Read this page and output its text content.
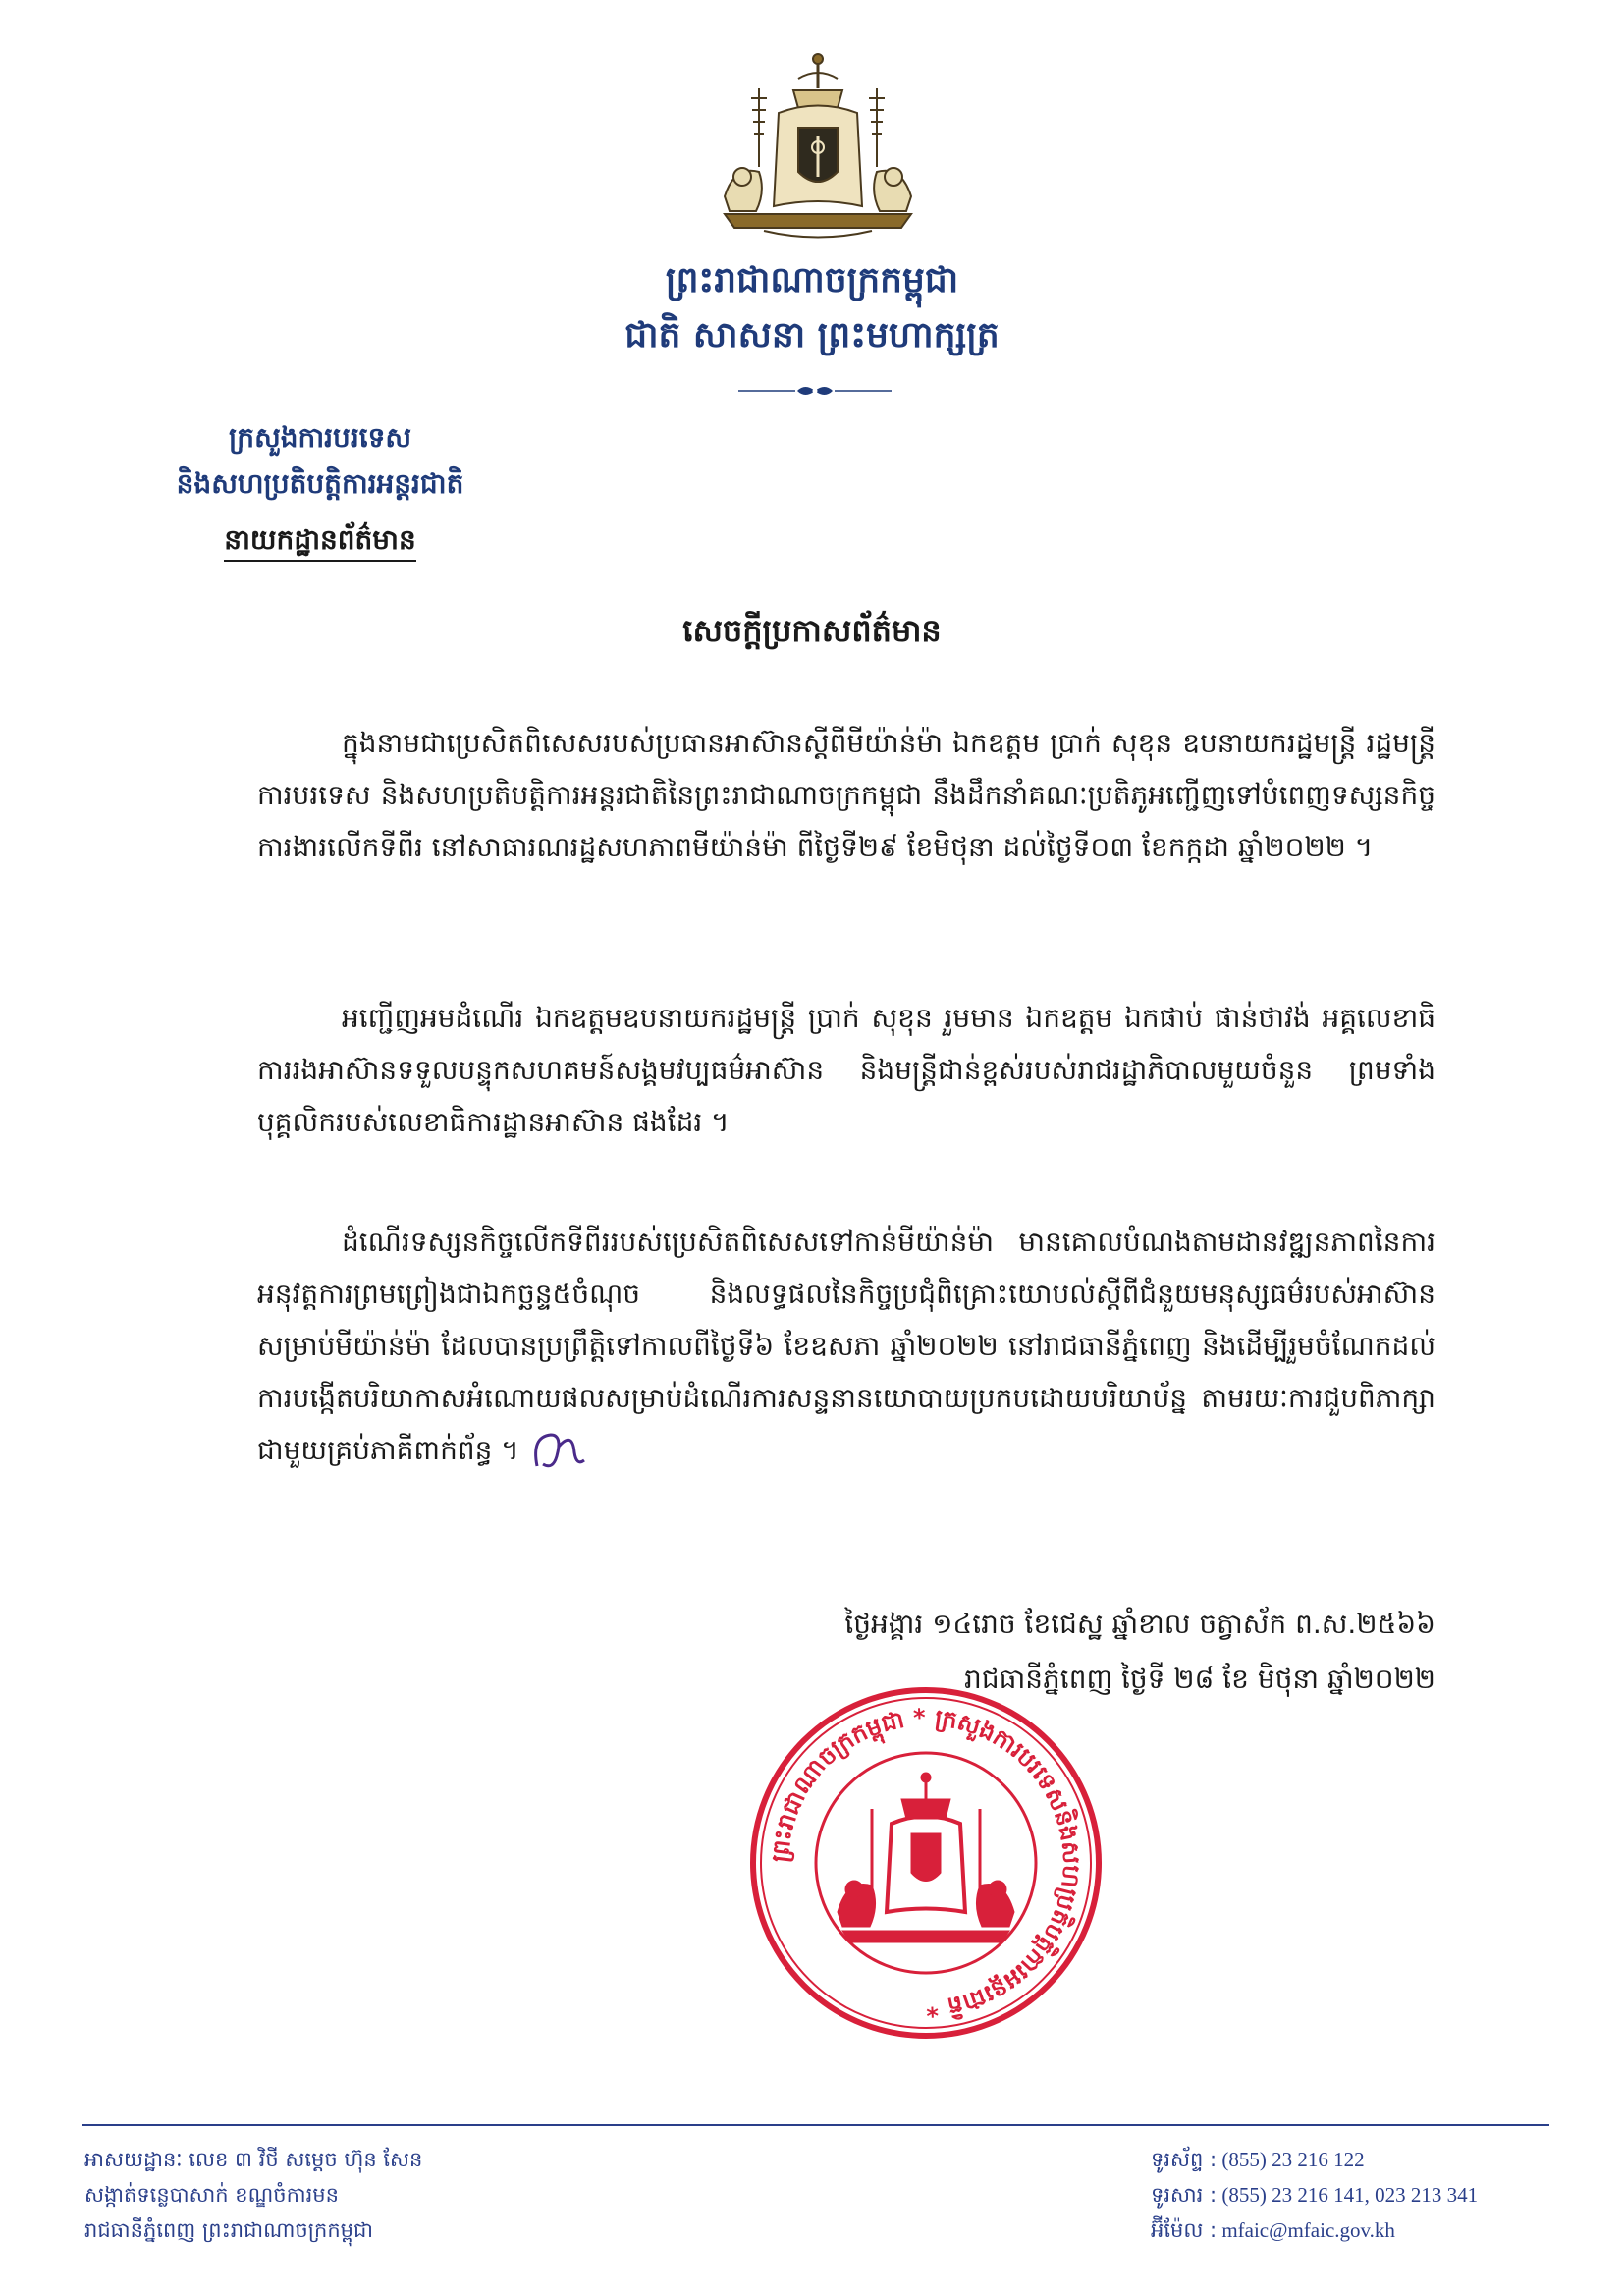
ព្រះរាជាណាចក្រកម្ពុជា
ជាតិ សាសនា ព្រះមហាក្សត្រ
ក្រសួងការបរទេស
និងសហប្រតិបត្តិការអន្តរជាតិ
នាយកដ្ឋានព័ត៌មាន
សេចក្ដីប្រកាសព័ត៌មាន
ក្នុងនាមជាប្រេសិតពិសេសរបស់ប្រធានអាស៊ានស្ដីពីមីយ៉ាន់ម៉ា ឯកឧត្តម ប្រាក់ សុខុន ឧបនាយករដ្ឋមន្ត្រី រដ្ឋមន្ត្រីការបរទេស និងសហប្រតិបត្តិការអន្តរជាតិនៃព្រះរាជាណាចក្រកម្ពុជា នឹងដឹកនាំគណៈប្រតិភូអញ្ជើញទៅបំពេញទស្សនកិច្ចការងារលើកទីពីរ នៅសាធារណរដ្ឋសហភាពមីយ៉ាន់ម៉ា ពីថ្ងៃទី២៩ ខែមិថុនា ដល់ថ្ងៃទី០៣ ខែកក្កដា ឆ្នាំ២០២២ ។
អញ្ជើញអមដំណើរ ឯកឧត្តមឧបនាយករដ្ឋមន្ត្រី ប្រាក់ សុខុន រួមមាន ឯកឧត្តម ឯកផាប់ ផាន់ថាវង់ អគ្គលេខាធិការរងអាស៊ានទទួលបន្ទុកសហគមន៍សង្គមវប្បធម៌អាស៊ាន និងមន្ត្រីជាន់ខ្ពស់របស់រាជរដ្ឋាភិបាលមួយចំនួន ព្រមទាំងបុគ្គលិករបស់លេខាធិការដ្ឋានអាស៊ាន ផងដែរ ។
ដំណើរទស្សនកិច្ចលើកទីពីររបស់ប្រេសិតពិសេសទៅកាន់មីយ៉ាន់ម៉ា មានគោលបំណងតាមដានវឌ្ឍនភាពនៃការអនុវត្តការព្រមព្រៀងជាឯកច្ឆន្ទ៥ចំណុច និងលទ្ធផលនៃកិច្ចប្រជុំពិគ្រោះយោបល់ស្ដីពីជំនួយមនុស្សធម៌របស់អាស៊ានសម្រាប់មីយ៉ាន់ម៉ា ដែលបានប្រព្រឹត្តិទៅកាលពីថ្ងៃទី៦ ខែឧសភា ឆ្នាំ២០២២ នៅរាជធានីភ្នំពេញ និងដើម្បីរួមចំណែកដល់ការបង្កើតបរិយាកាសអំណោយផលសម្រាប់ដំណើរការសន្ទនានយោបាយប្រកបដោយបរិយាប័ន្ន តាមរយៈការជួបពិភាក្សាជាមួយគ្រប់ភាគីពាក់ព័ន្ធ ។
ថ្ងៃអង្គារ ១៤រោច ខែជេស្ឋ ឆ្នាំខាល ចត្វាស័ក ព.ស.២៥៦៦
រាជធានីភ្នំពេញ ថ្ងៃទី ២៨ ខែ មិថុនា ឆ្នាំ២០២២
ព្រះរាជាណាចក្រកម្ពុជា * ក្រសួងការបរទេសនិងសហប្រតិបត្តិការអន្តរជាតិ *
អាសយដ្ឋានៈ លេខ ៣ វិថី សម្ដេច ហ៊ុន សែន
សង្កាត់ទន្លេបាសាក់ ខណ្ឌចំការមន
រាជធានីភ្នំពេញ ព្រះរាជាណាចក្រកម្ពុជា
ទូរស័ព្ទ : (855) 23 216 122
ទូរសារ : (855) 23 216 141, 023 213 341
អ៊ីម៉ែល : mfaic@mfaic.gov.kh
